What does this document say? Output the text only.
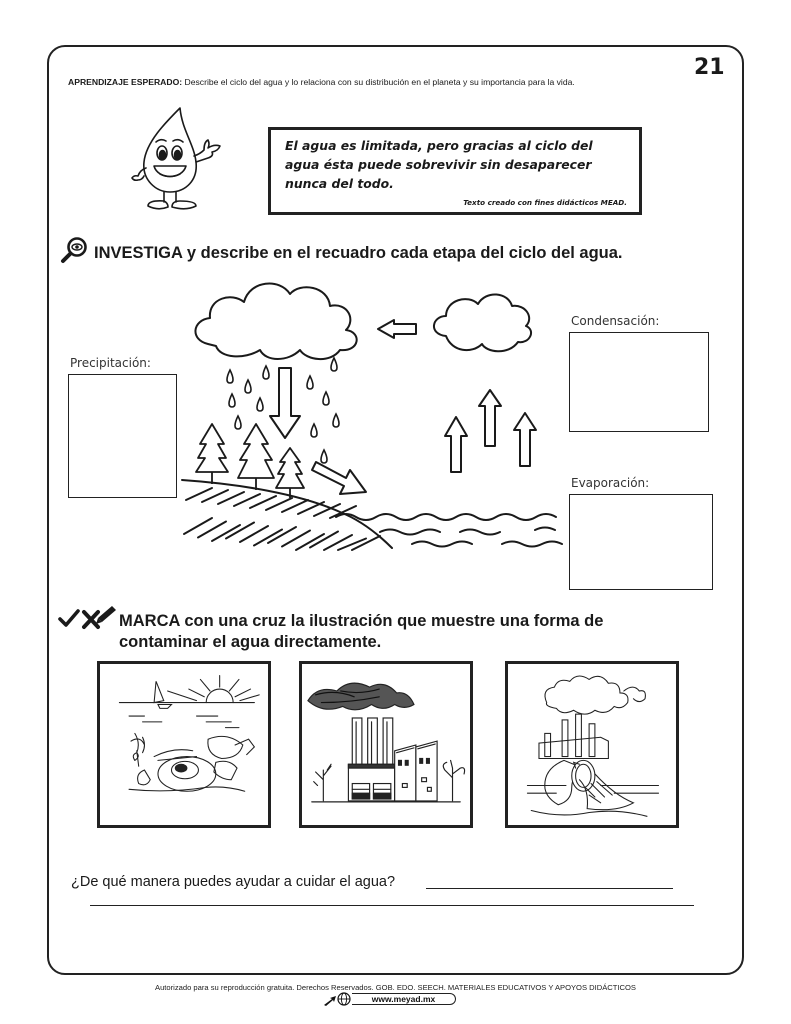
21
APRENDIZAJE ESPERADO: Describe el ciclo del agua y lo relaciona con su distribución en el planeta y su importancia para la vida.
El agua es limitada, pero gracias al ciclo del agua ésta puede sobrevivir sin desaparecer nunca del todo.
Texto creado con fines didácticos MEAD.
INVESTIGA y describe en el recuadro cada etapa del ciclo del agua.
Precipitación:
Condensación:
Evaporación:
MARCA con una cruz la ilustración que muestre una forma de contaminar el agua directamente.
¿De qué manera puedes ayudar a cuidar el agua?
Autorizado para su reproducción gratuita. Derechos Reservados. GOB. EDO. SEECH. MATERIALES EDUCATIVOS Y APOYOS DIDÁCTICOS
www.meyad.mx
